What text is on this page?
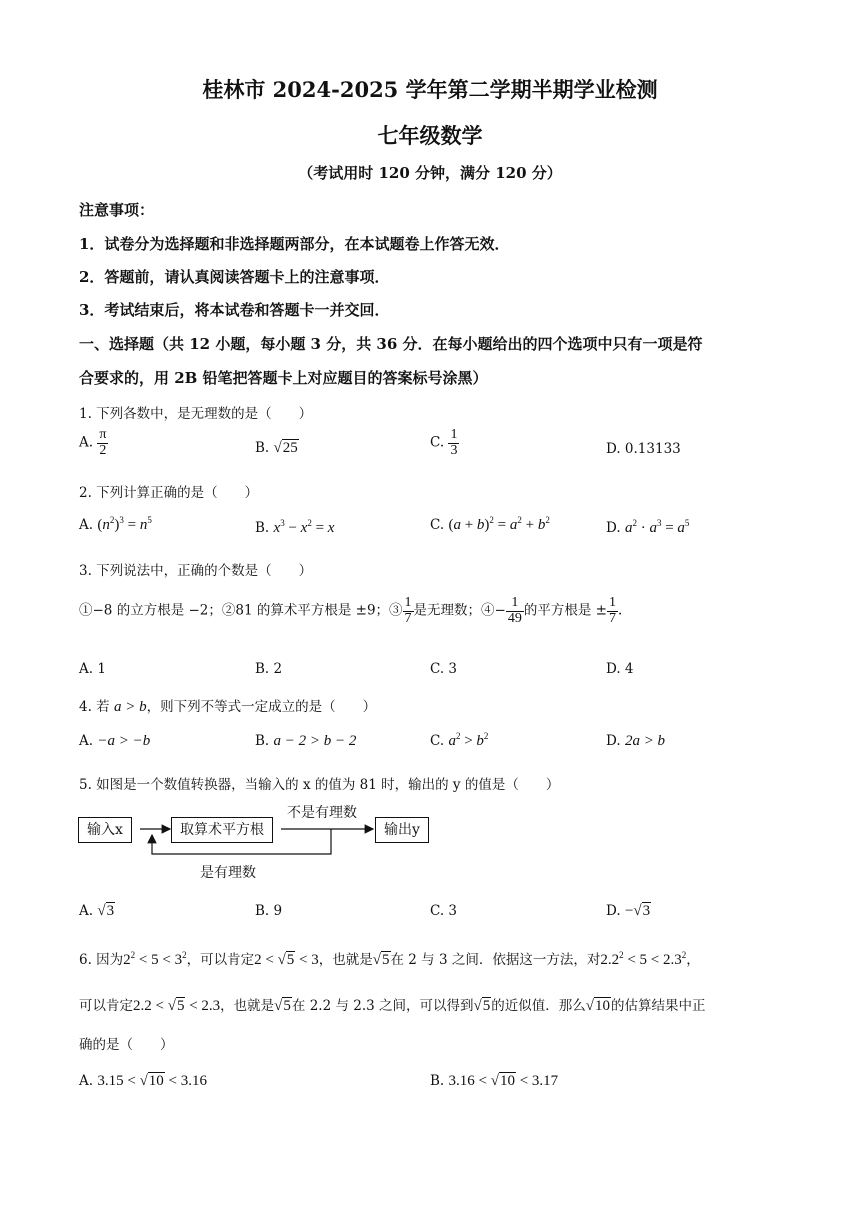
桂林市 2024-2025 学年第二学期半期学业检测
七年级数学
（考试用时 120 分钟，满分 120 分）
注意事项：
1．试卷分为选择题和非选择题两部分，在本试题卷上作答无效．
2．答题前，请认真阅读答题卡上的注意事项．
3．考试结束后，将本试卷和答题卡一并交回．
一、选择题（共 12 小题，每小题 3 分，共 36 分．在每小题给出的四个选项中只有一项是符
合要求的，用 2B 铅笔把答题卡上对应题目的答案标号涂黑）
1. 下列各数中，是无理数的是（　　）
A. $\frac{\pi}{2}$	B. √25	C. $\frac{1}{3}$	D. 0.13133
2. 下列计算正确的是（　　）
A. $(n^2)^3 = n^5$	B. $x^3 - x^2 = x$	C. $(a + b)^2 = a^2 + b^2$	D. $a^2 \cdot a^3 = a^5$
3. 下列说法中，正确的个数是（　　）
①−8 的立方根是 −2；②81 的算术平方根是 ±9；③ $\frac{1}{7}$ 是无理数；④− $\frac{1}{49}$ 的平方根是 ± $\frac{1}{7}$ .
A. 1	B. 2	C. 3	D. 4
4. 若 a > b，则下列不等式一定成立的是（　　）
A. −a > −b	B. a − 2 > b − 2	C. $a^2 > b^2$	D. 2a > b
5. 如图是一个数值转换器，当输入的 x 的值为 81 时，输出的 y 的值是（　　）
输入x	取算术平方根	输出y
不是有理数
是有理数
A. √3	B. 9	C. 3	D. −√3
6. 因为$2^2 < 5 < 3^2$，可以肯定2 < √5 < 3，也就是√5在 2 与 3 之间．依据这一方法，对$2.2^2 < 5 < 2.3^2$，
可以肯定2.2 < √5 < 2.3，也就是√5在 2.2 与 2.3 之间，可以得到√5的近似值．那么√10的估算结果中正
确的是（　　）
A. 3.15 < √10 < 3.16	B. 3.16 < √10 < 3.17
